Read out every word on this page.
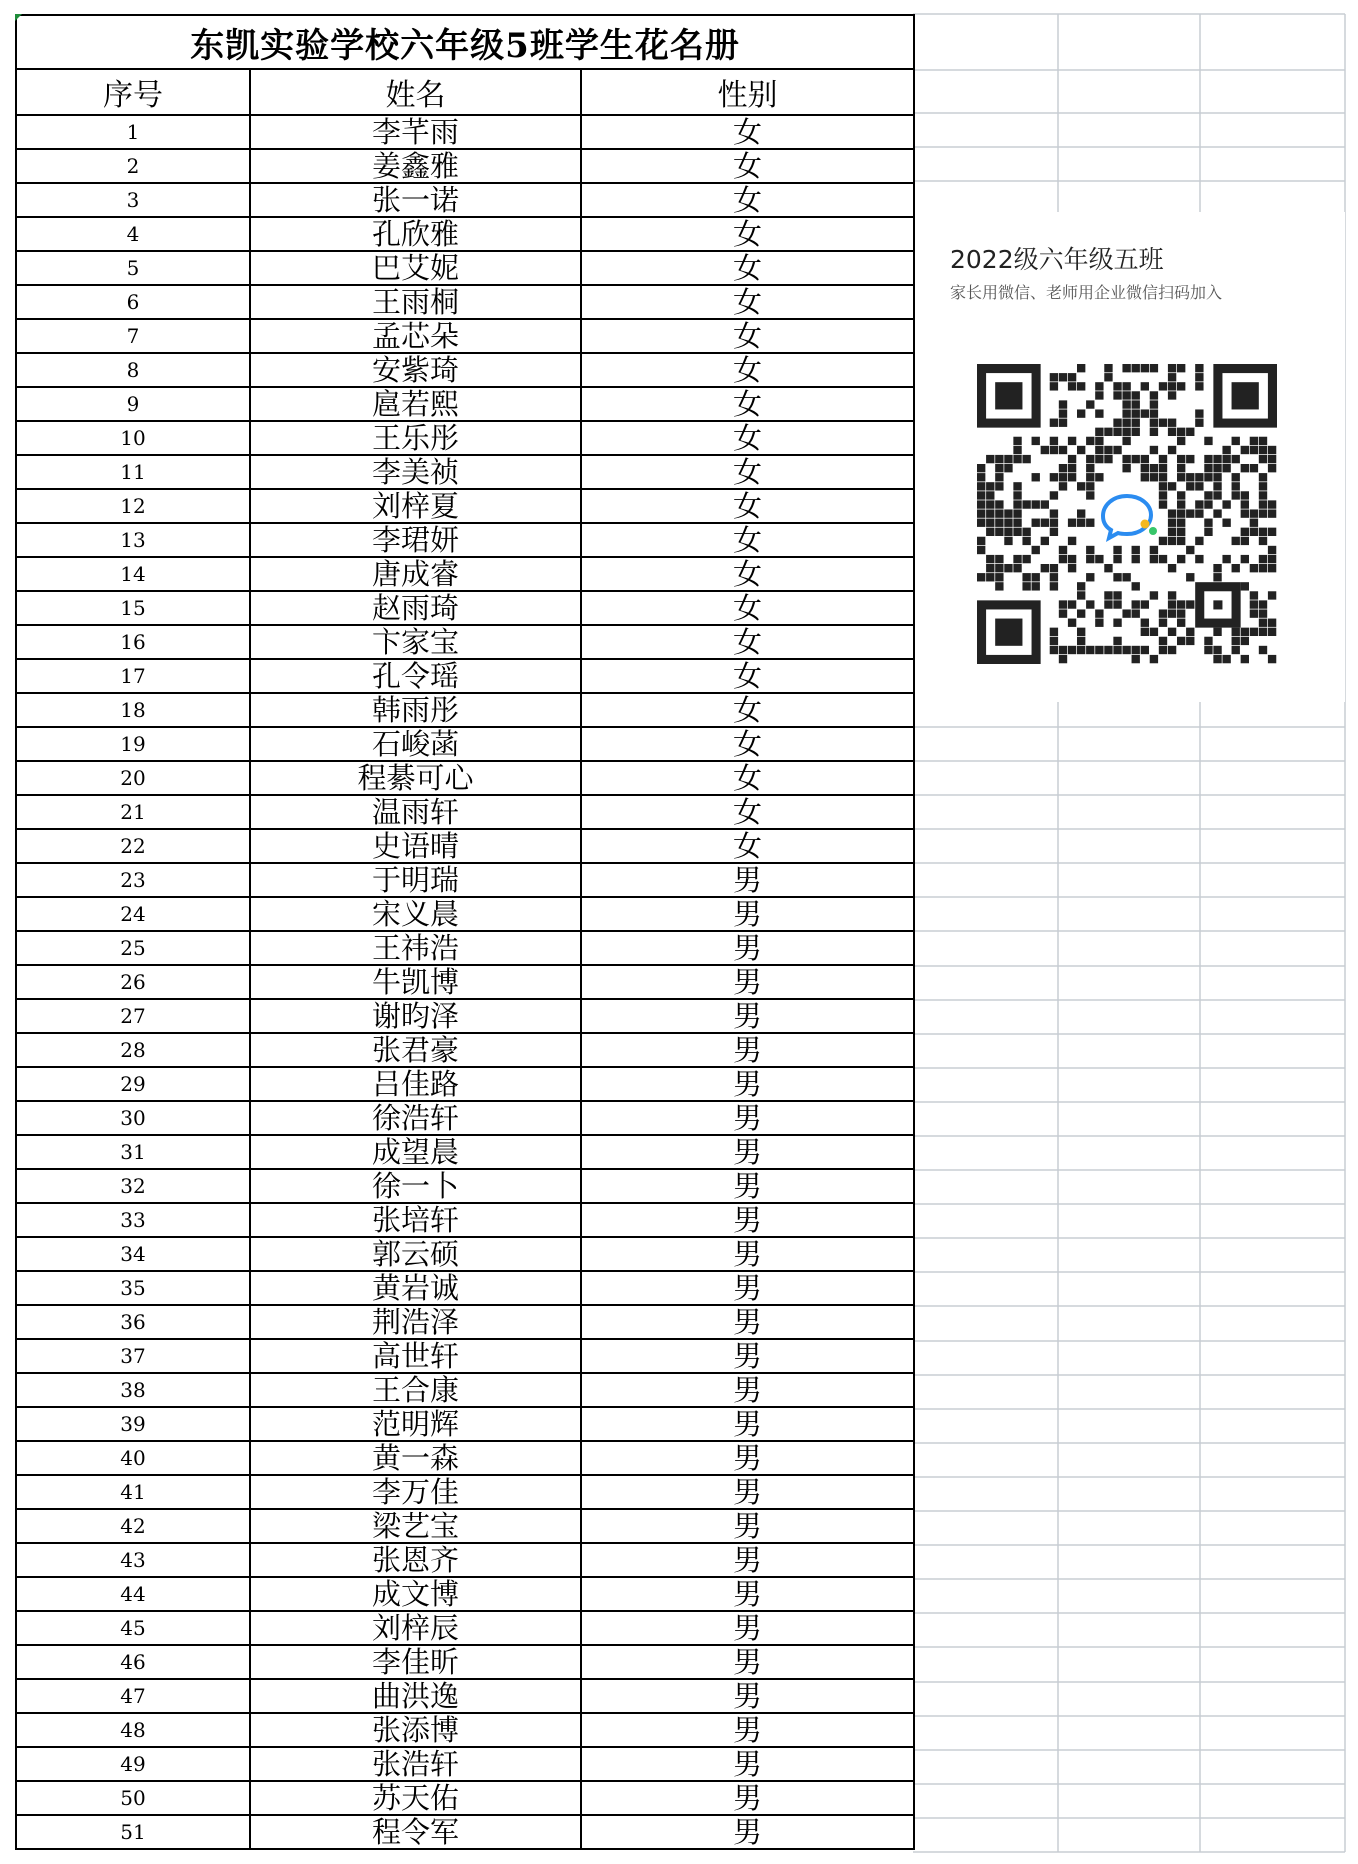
东凯实验学校六年级5班学生花名册		
序号	姓名	性别
1	李芊雨	女
2	姜鑫雅	女
3	张一诺	女
4	孔欣雅	女
5	巴艾妮	女
6	王雨桐	女
7	孟芯朵	女
8	安紫琦	女
9	扈若熙	女
10	王乐彤	女
11	李美祯	女
12	刘梓夏	女
13	李珺妍	女
14	唐成睿	女
15	赵雨琦	女
16	卞家宝	女
17	孔令瑶	女
18	韩雨彤	女
19	石峻菡	女
20	程綦可心	女
21	温雨轩	女
22	史语晴	女
23	于明瑞	男
24	宋义晨	男
25	王祎浩	男
26	牛凯博	男
27	谢昀泽	男
28	张君豪	男
29	吕佳路	男
30	徐浩轩	男
31	成望晨	男
32	徐一卜	男
33	张培轩	男
34	郭云硕	男
35	黄岩诚	男
36	荆浩泽	男
37	高世轩	男
38	王合康	男
39	范明辉	男
40	黄一森	男
41	李万佳	男
42	梁艺宝	男
43	张恩齐	男
44	成文博	男
45	刘梓辰	男
46	李佳昕	男
47	曲洪逸	男
48	张添博	男
49	张浩轩	男
50	苏天佑	男
51	程令军	男
2022级六年级五班
家长用微信、老师用企业微信扫码加入
